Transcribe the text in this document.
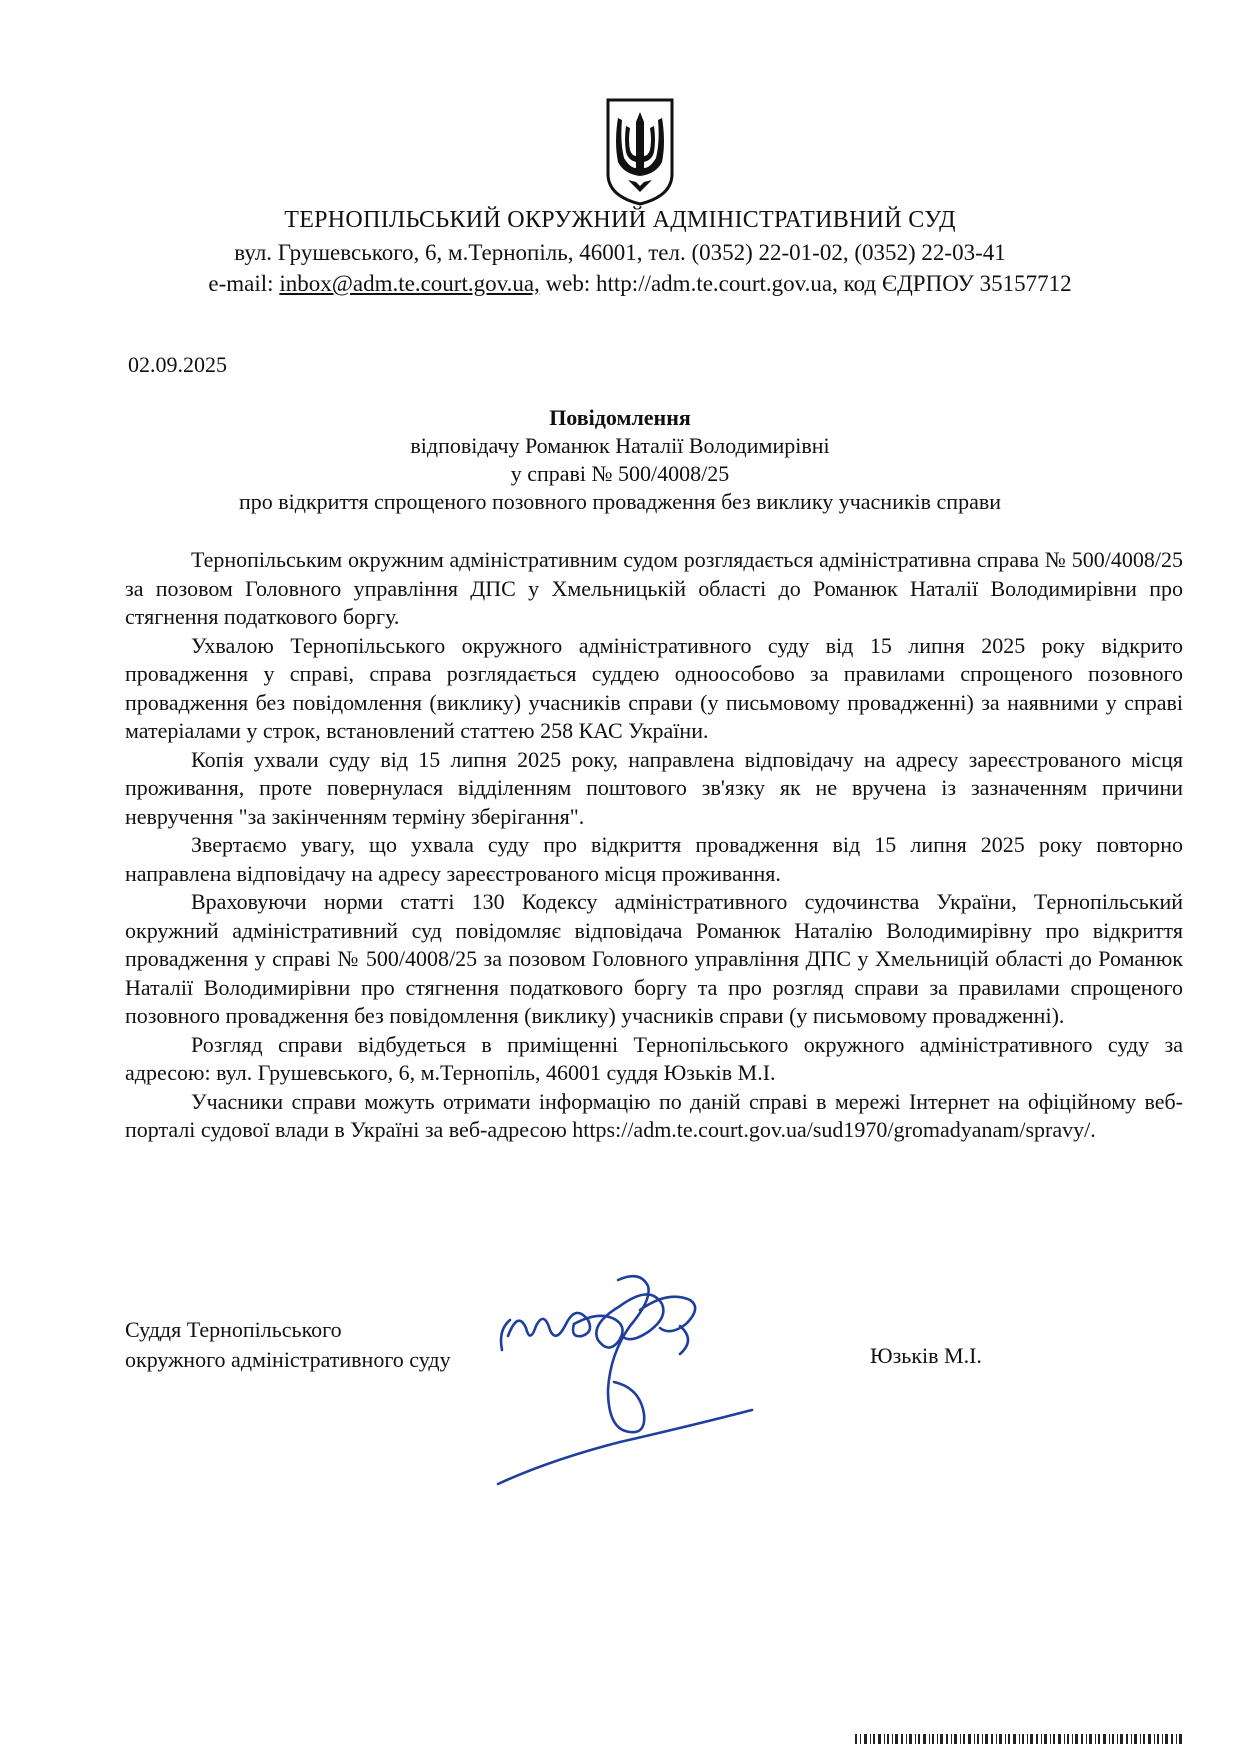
ТЕРНОПІЛЬСЬКИЙ ОКРУЖНИЙ АДМІНІСТРАТИВНИЙ СУД
вул. Грушевського, 6, м.Тернопіль, 46001, тел. (0352) 22-01-02, (0352) 22-03-41
e-mail: inbox@adm.te.court.gov.ua, web: http://adm.te.court.gov.ua, код ЄДРПОУ 35157712
02.09.2025
Повідомлення
відповідачу Романюк Наталії Володимирівні
у справі № 500/4008/25
про відкриття спрощеного позовного провадження без виклику учасників справи

Тернопільським окружним адміністративним судом розглядається адміністративна справа № 500/4008/25 за позовом Головного управління ДПС у Хмельницькій області до Романюк Наталії Володимирівни про стягнення податкового боргу.

Ухвалою Тернопільського окружного адміністративного суду від 15 липня 2025 року відкрито провадження у справі, справа розглядається суддею одноособово за правилами спрощеного позовного провадження без повідомлення (виклику) учасників справи (у письмовому провадженні) за наявними у справі матеріалами у строк, встановлений статтею 258 КАС України.

Копія ухвали суду від 15 липня 2025 року, направлена відповідачу на адресу зареєстрованого місця проживання, проте повернулася відділенням поштового зв'язку як не вручена із зазначенням причини невручення "за закінченням терміну зберігання".

Звертаємо увагу, що ухвала суду про відкриття провадження від 15 липня 2025 року повторно направлена відповідачу на адресу зареєстрованого місця проживання.

Враховуючи норми статті 130 Кодексу адміністративного судочинства України, Тернопільський окружний адміністративний суд повідомляє відповідача Романюк Наталію Володимирівну про відкриття провадження у справі № 500/4008/25 за позовом Головного управління ДПС у Хмельницій області до Романюк Наталії Володимирівни про стягнення податкового боргу та про розгляд справи за правилами спрощеного позовного провадження без повідомлення (виклику) учасників справи (у письмовому провадженні).

Розгляд справи відбудеться в приміщенні Тернопільського окружного адміністративного суду за адресою: вул. Грушевського, 6, м.Тернопіль, 46001 суддя Юзьків М.І.

Учасники справи можуть отримати інформацію по даній справі в мережі Інтернет на офіційному веб-порталі судової влади в Україні за веб-адресою https://adm.te.court.gov.ua/sud1970/gromadyanam/spravy/.

Суддя Тернопільського
окружного адміністративного суду	Юзьків М.І.
